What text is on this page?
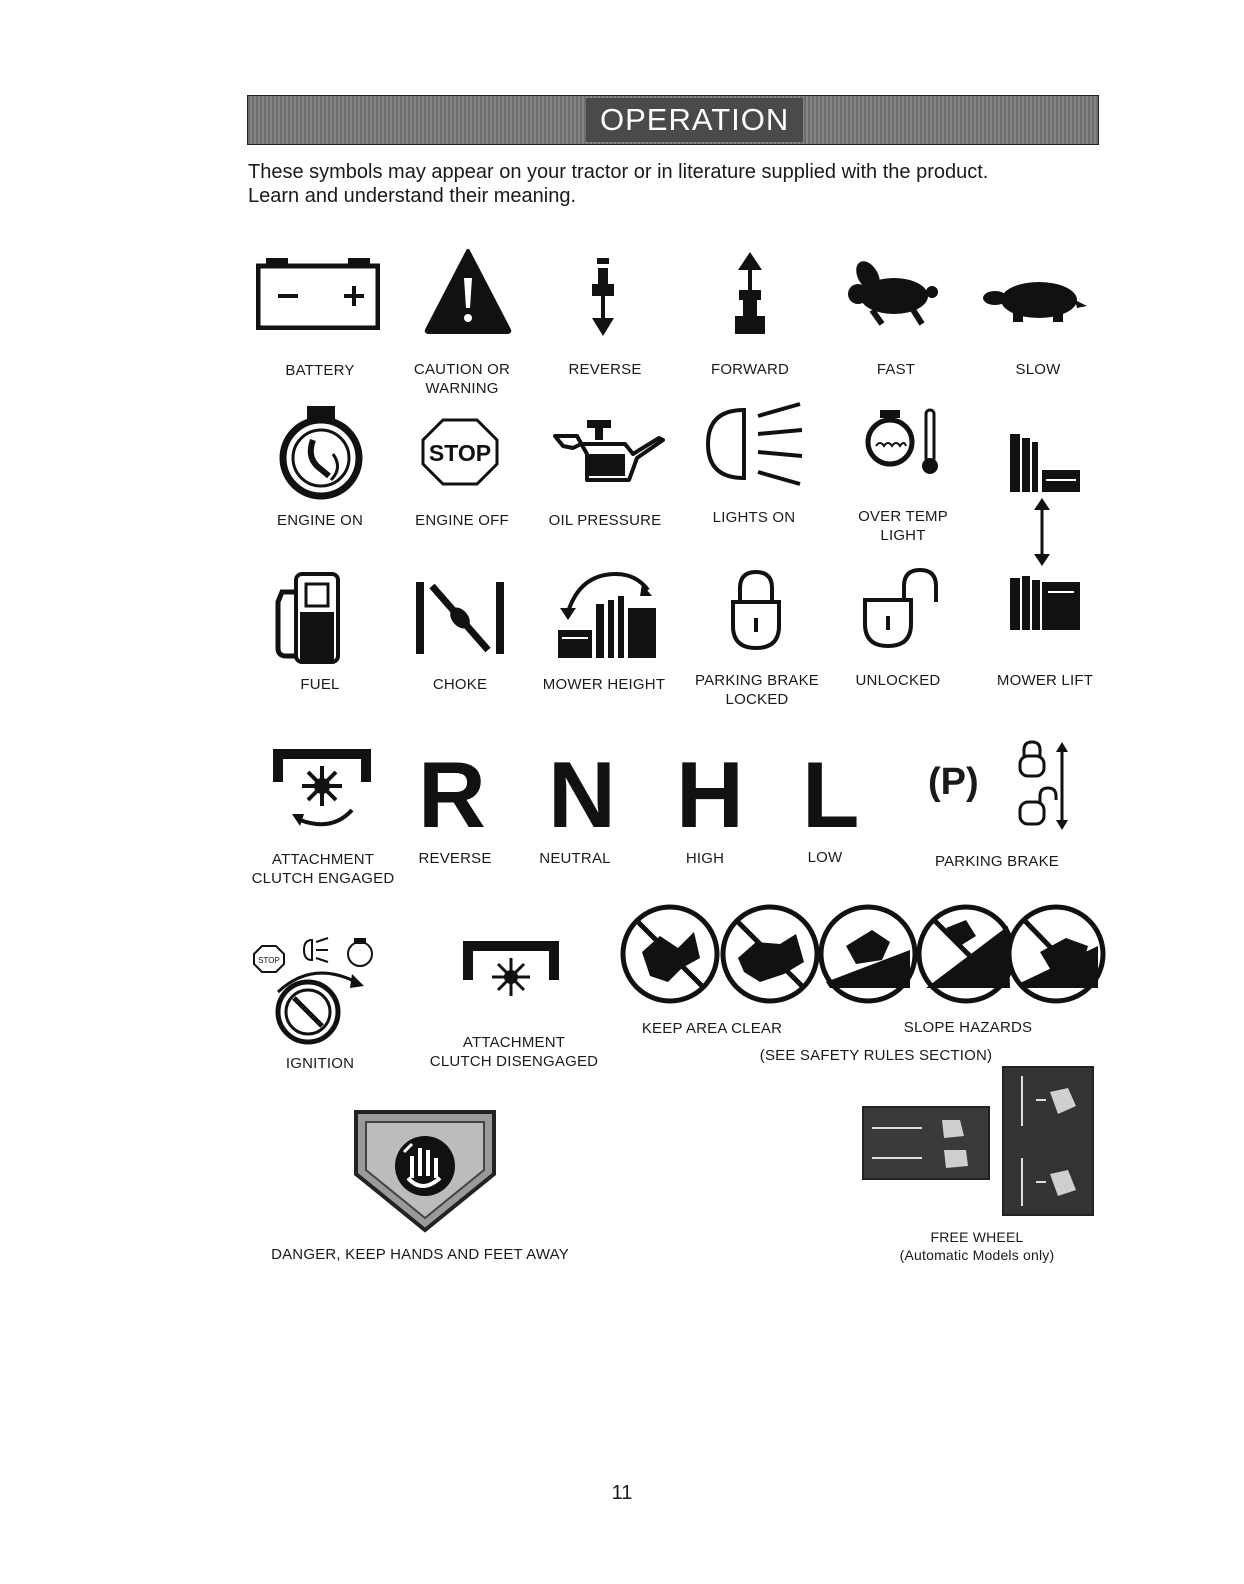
OPERATION

These symbols may appear on your tractor or in literature supplied with the product.
Learn and understand their meaning.

BATTERY	CAUTION OR
WARNING
REVERSE	FORWARD	FAST	SLOW
ENGINE ON
STOP
ENGINE OFF	OIL PRESSURE	LIGHTS ON	OVER TEMP
LIGHT
FUEL	CHOKE	MOWER HEIGHT	PARKING BRAKE
LOCKED
UNLOCKED	MOWER LIFT
ATTACHMENT
CLUTCH ENGAGED
R
REVERSE
N
NEUTRAL
H
HIGH
L
LOW
(P)
PARKING BRAKE
STOP
IGNITION
ATTACHMENT
CLUTCH DISENGAGED
KEEP AREA CLEAR	SLOPE HAZARDS
(SEE SAFETY RULES SECTION)
DANGER, KEEP HANDS AND FEET AWAY
FREE WHEEL
(Automatic Models only)
11
